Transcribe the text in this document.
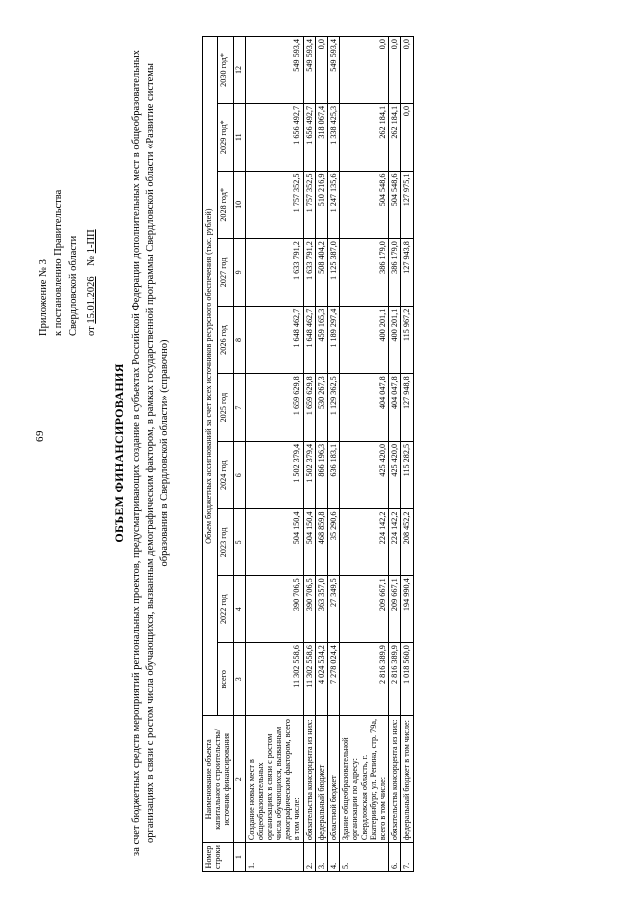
69
Приложение № 3 к постановлению Правительства Свердловской области от 15.01.2026    № 1-ПП
ОБЪЕМ ФИНАНСИРОВАНИЯ за счет бюджетных средств мероприятий региональных проектов, предусматривающих создание в субъектах Российской Федерации дополнительных мест в общеобразовательных организациях в связи с ростом числа обучающихся, вызванным демографическим фактором, в рамках государственной программы Свердловской области «Развитие системы образования в Свердловской области» (справочно)
Номер строки	Наименование объекта капитального строительства/ источник финансирования	Объем бюджетных ассигнований за счет всех источников ресурсного обеспечения (тыс. рублей)									
		всего	2022 год	2023 год	2024 год	2025 год	2026 год	2027 год	2028 год*	2029 год*	2030 год*
1	2	3	4	5	6	7	8	9	10	11	12
1.	Создание новых мест в общеобразовательных организациях в связи с ростом числа обучающихся, вызванным демографическим фактором, всего в том числе:	11 302 558,6	390 706,5	504 150,4	1 502 379,4	1 659 629,8	1 648 462,7	1 633 791,2	1 757 352,5	1 656 492,7	549 593,4
2.	обязательства консорцента из них:	11 302 558,6	390 706,5	504 150,4	1 502 379,4	1 659 629,8	1 648 462,7	1 633 791,2	1 757 352,5	1 656 492,7	549 593,4
3.	федеральный бюджет	4 024 534,2	363 357,0	468 859,8	866 196,3	530 267,3	459 165,3	508 404,2	510 216,9	318 067,4	0,0
4.	областной бюджет	7 278 024,4	27 349,5	35 290,6	636 183,1	1 129 362,5	1 189 297,4	1 125 387,0	1 247 135,6	1 338 425,3	549 593,4
5.	Здание общеобразовательной организации по адресу: Свердловская область, г. Екатеринбург, ул. Репина, стр. 79а, всего в том числе:	2 816 389,9	209 667,1	224 142,2	425 420,0	404 047,8	400 201,1	386 179,0	504 548,6	262 184,1	0,0
6.	обязательства консорцента из них:	2 816 389,9	209 667,1	224 142,2	425 420,0	404 047,8	400 201,1	386 179,0	504 548,6	262 184,1	0,0
7.	федеральный бюджет в том числе:	1 018 560,0	194 990,4	208 452,2	115 282,5	127 948,8	115 967,2	127 943,8	127 975,1	0,0	0,0
